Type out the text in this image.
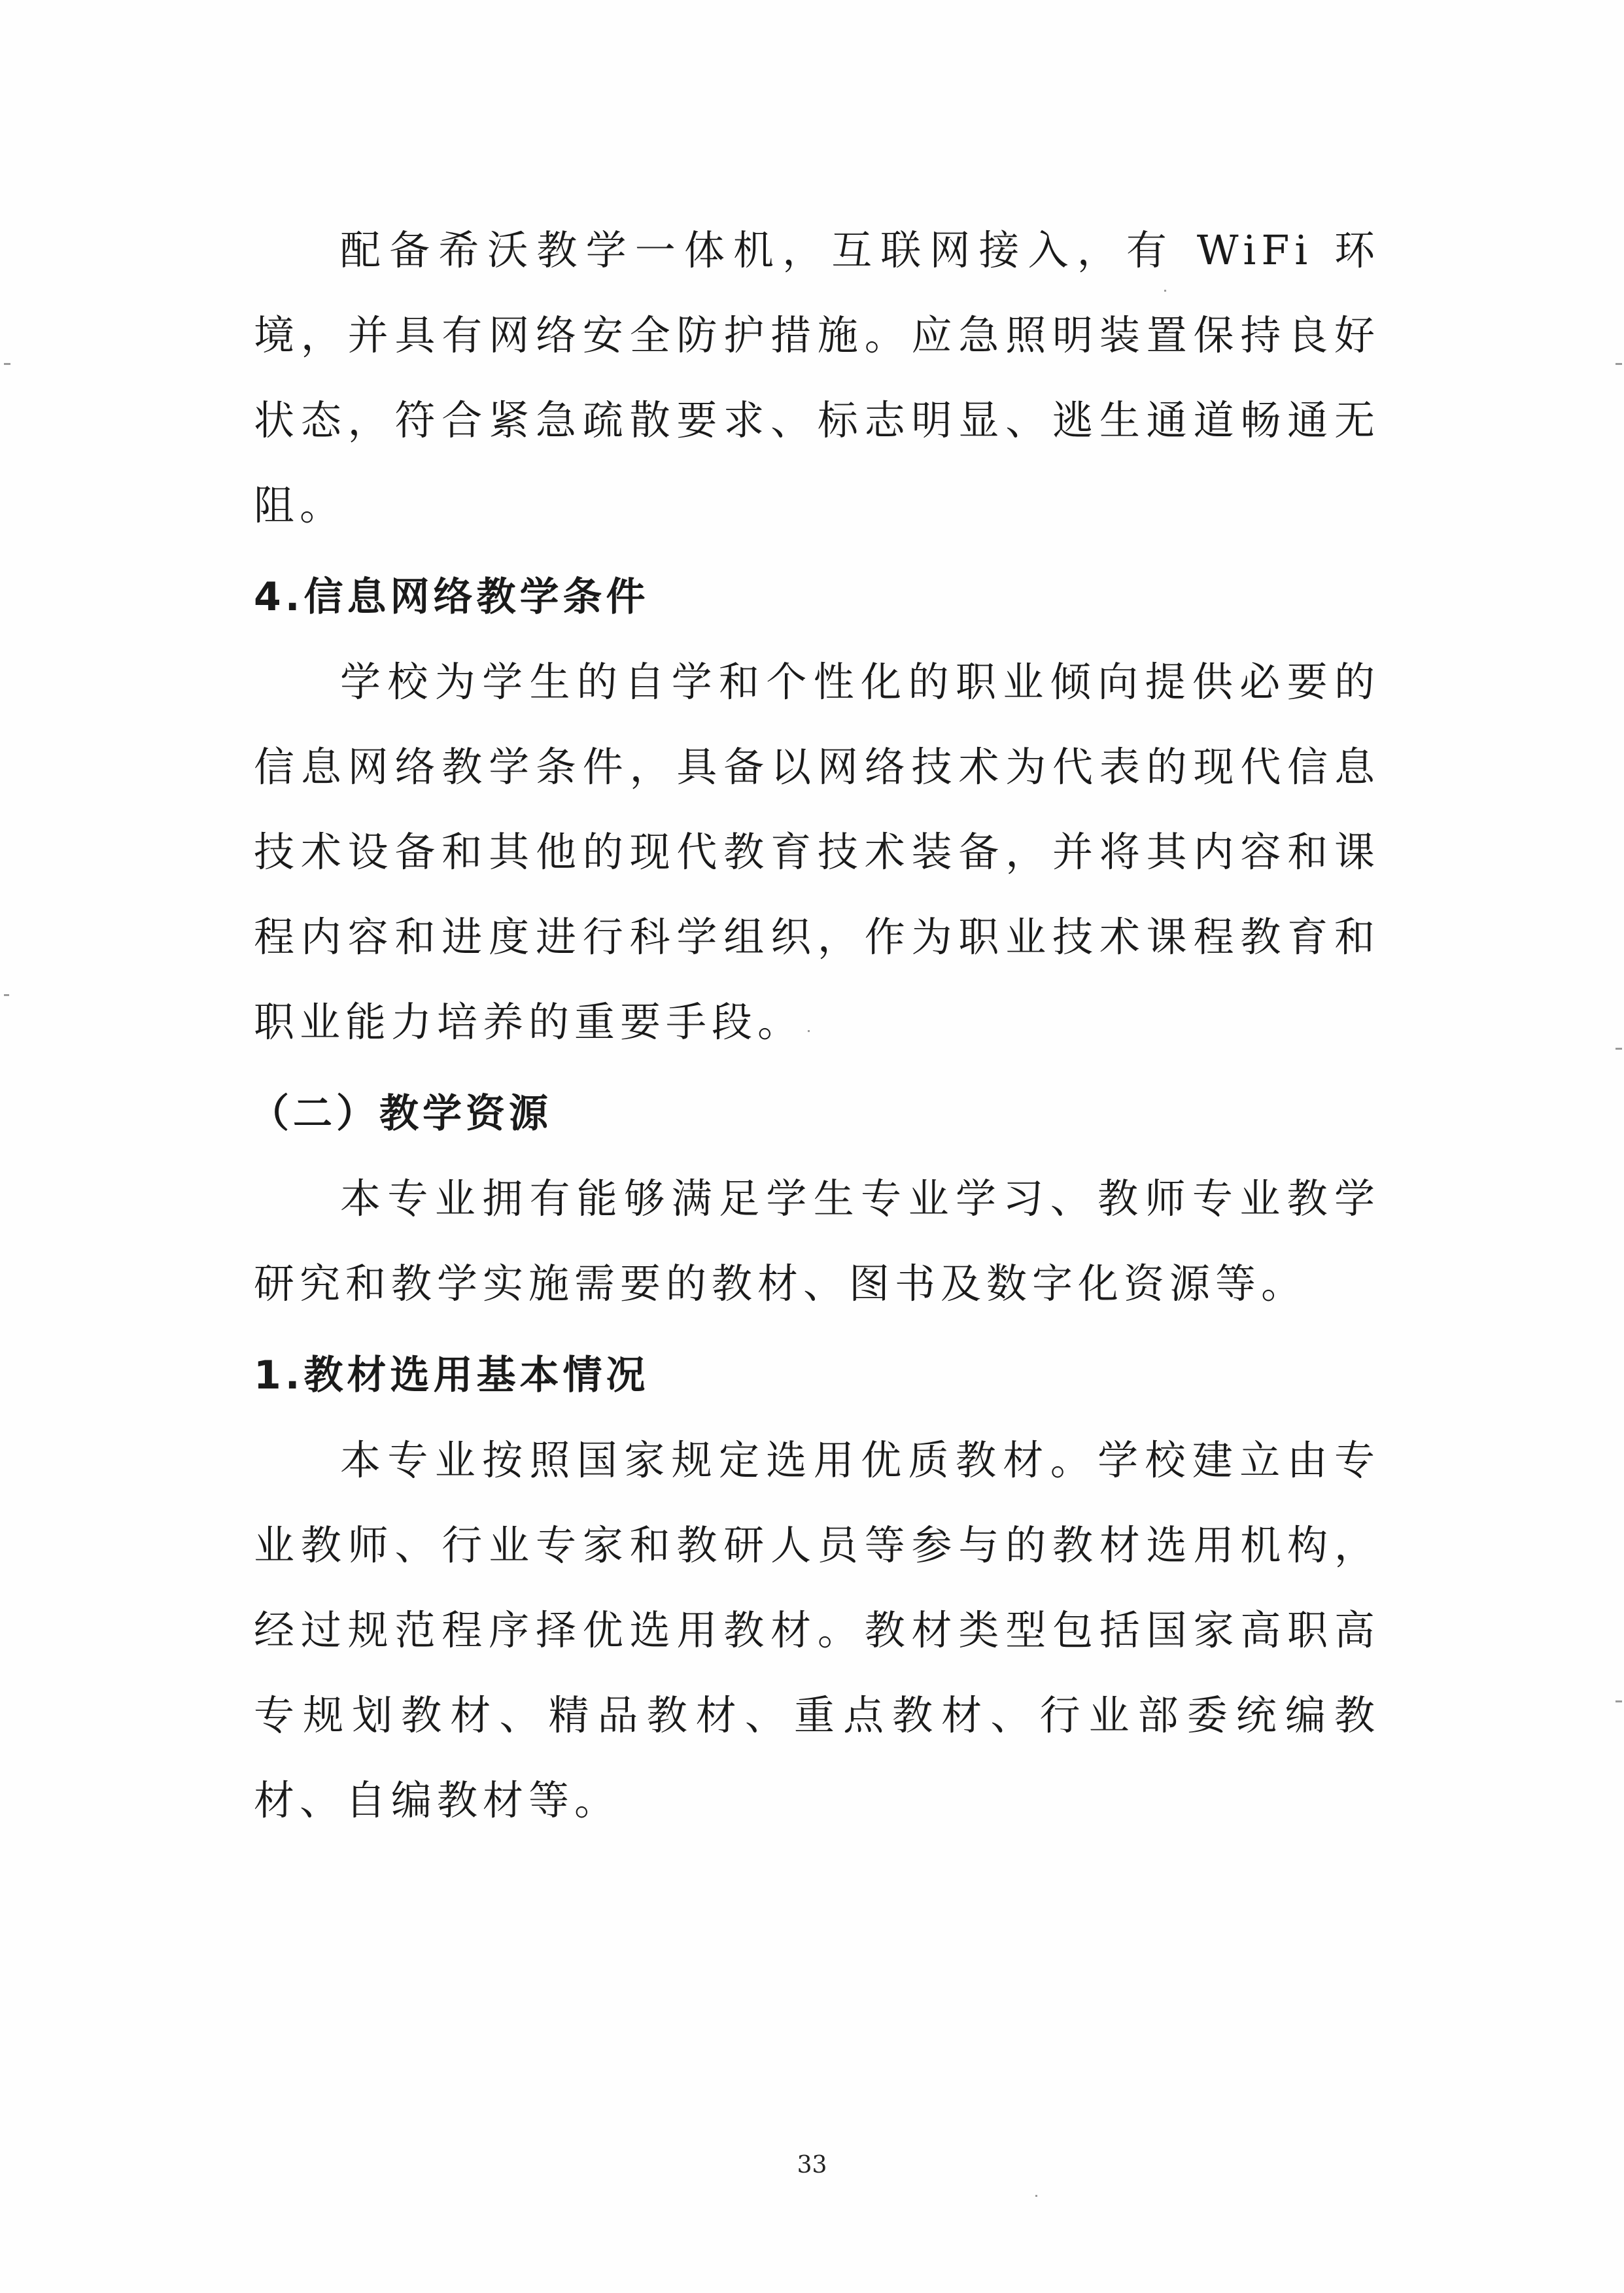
配备希沃教学一体机，互联网接入，有 WiFi 环境，并具有网络安全防护措施。应急照明装置保持良好状态，符合紧急疏散要求、标志明显、逃生通道畅通无阻。

4.信息网络教学条件

学校为学生的自学和个性化的职业倾向提供必要的信息网络教学条件，具备以网络技术为代表的现代信息技术设备和其他的现代教育技术装备，并将其内容和课程内容和进度进行科学组织，作为职业技术课程教育和职业能力培养的重要手段。

（二）教学资源

本专业拥有能够满足学生专业学习、教师专业教学研究和教学实施需要的教材、图书及数字化资源等。

1.教材选用基本情况

本专业按照国家规定选用优质教材。学校建立由专业教师、行业专家和教研人员等参与的教材选用机构，经过规范程序择优选用教材。教材类型包括国家高职高专规划教材、精品教材、重点教材、行业部委统编教材、自编教材等。

33
